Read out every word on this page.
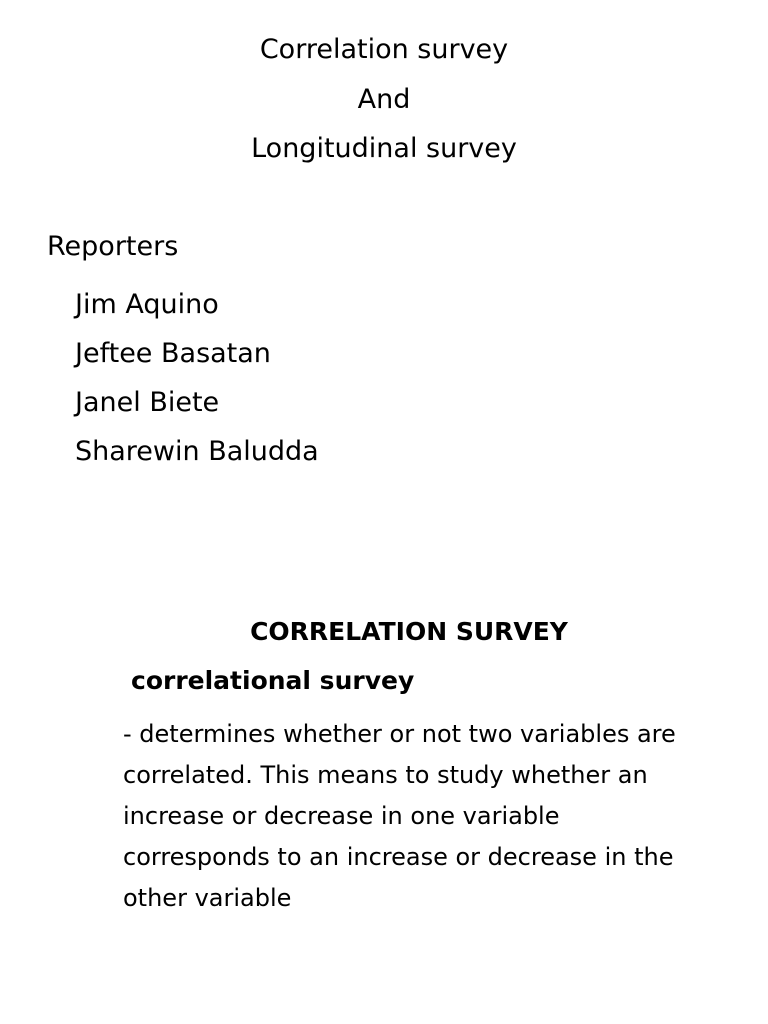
Correlation survey
And
Longitudinal survey
Reporters
Jim Aquino
Jeftee Basatan
Janel Biete
Sharewin Baludda
CORRELATION SURVEY
correlational survey

- determines whether or not two variables are correlated. This means to study whether an increase or decrease in one variable corresponds to an increase or decrease in the other variable
